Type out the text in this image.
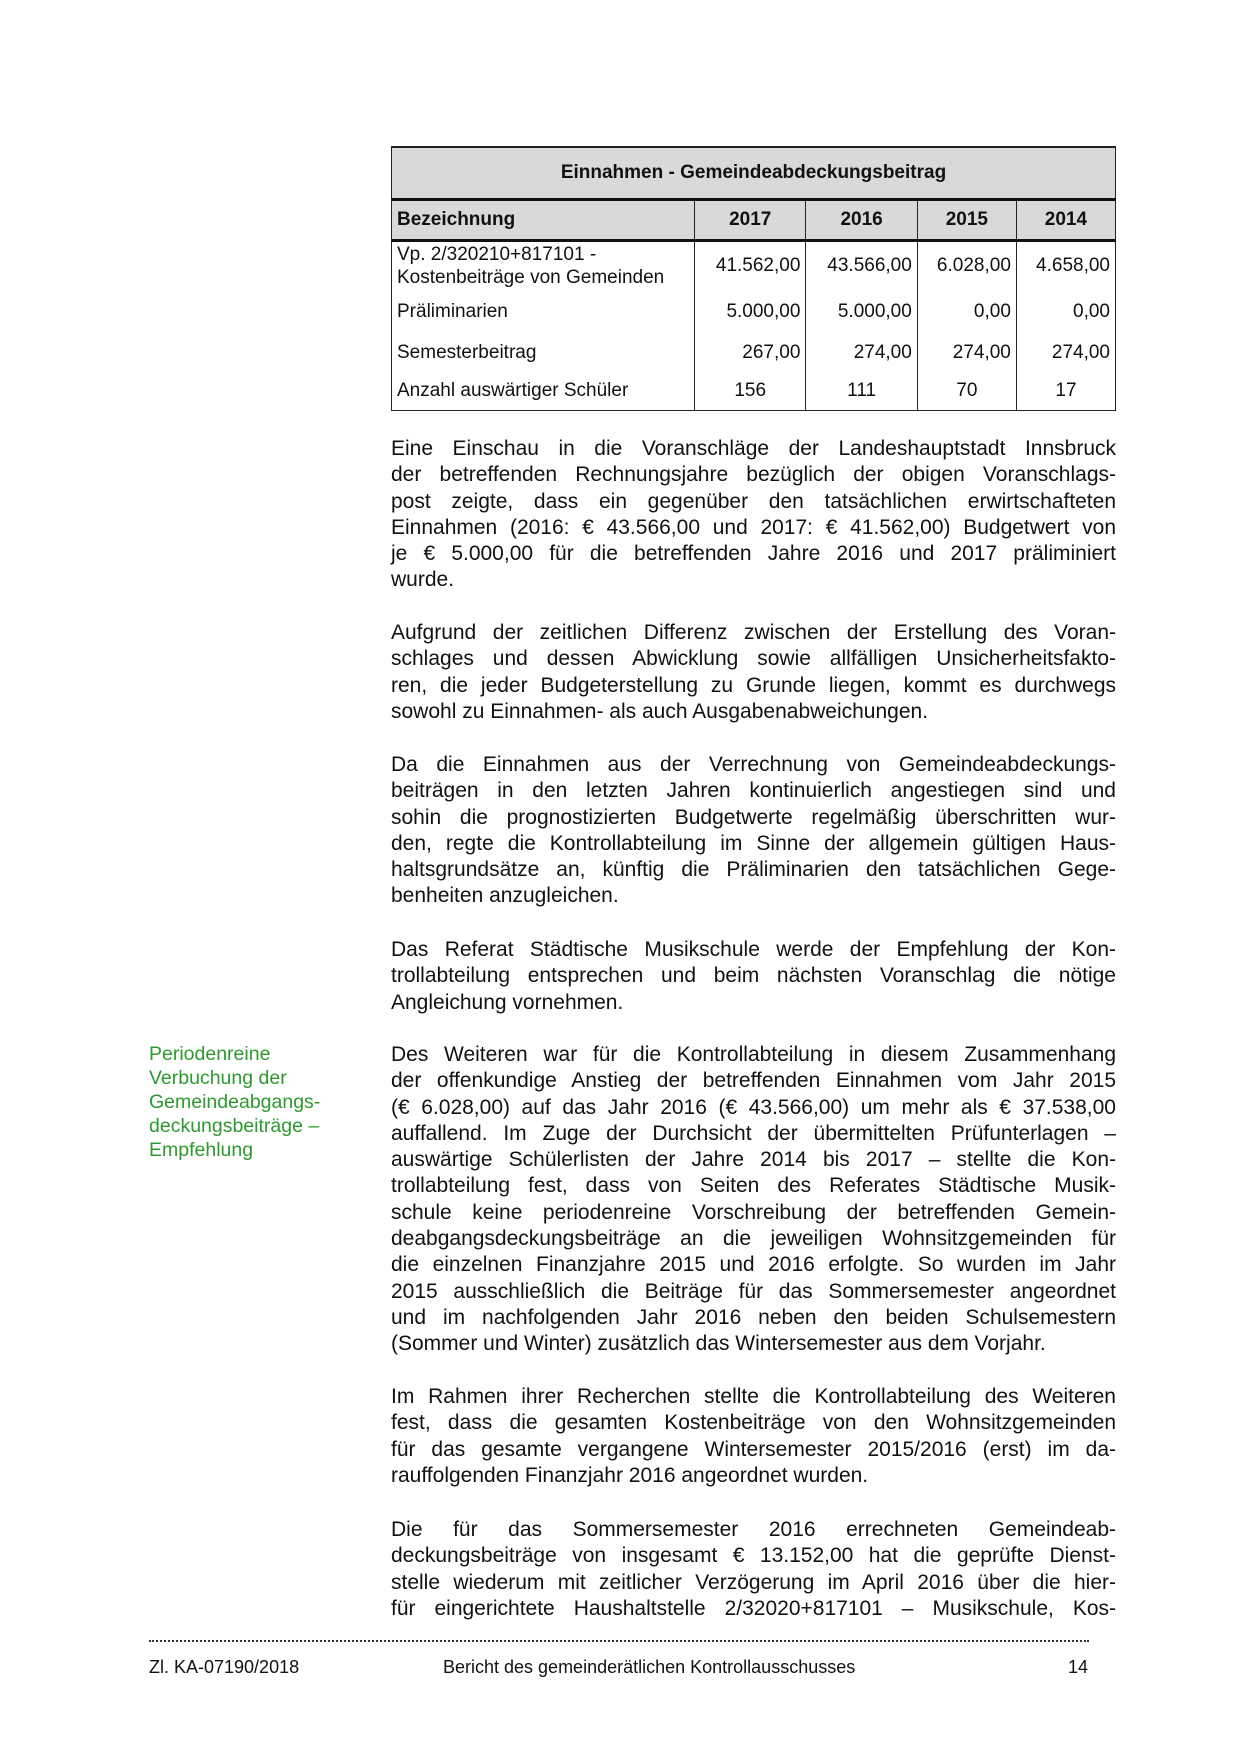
Einnahmen - Gemeindeabdeckungsbeitrag				
Bezeichnung	2017	2016	2015	2014
Vp. 2/320210+817101 -
Kostenbeiträge von Gemeinden	41.562,00	43.566,00	6.028,00	4.658,00
Präliminarien	5.000,00	5.000,00	0,00	0,00
Semesterbeitrag	267,00	274,00	274,00	274,00
Anzahl auswärtiger Schüler	156	111	70	17
Eine Einschau in die Voranschläge der Landeshauptstadt Innsbruck
der betreffenden Rechnungsjahre bezüglich der obigen Voranschlags-
post zeigte, dass ein gegenüber den tatsächlichen erwirtschafteten
Einnahmen (2016: € 43.566,00 und 2017: € 41.562,00) Budgetwert von
je € 5.000,00 für die betreffenden Jahre 2016 und 2017 präliminiert
wurde.
Aufgrund der zeitlichen Differenz zwischen der Erstellung des Voran-
schlages und dessen Abwicklung sowie allfälligen Unsicherheitsfakto-
ren, die jeder Budgeterstellung zu Grunde liegen, kommt es durchwegs
sowohl zu Einnahmen- als auch Ausgabenabweichungen.
Da die Einnahmen aus der Verrechnung von Gemeindeabdeckungs-
beiträgen in den letzten Jahren kontinuierlich angestiegen sind und
sohin die prognostizierten Budgetwerte regelmäßig überschritten wur-
den, regte die Kontrollabteilung im Sinne der allgemein gültigen Haus-
haltsgrundsätze an, künftig die Präliminarien den tatsächlichen Gege-
benheiten anzugleichen.
Das Referat Städtische Musikschule werde der Empfehlung der Kon-
trollabteilung entsprechen und beim nächsten Voranschlag die nötige
Angleichung vornehmen.
Des Weiteren war für die Kontrollabteilung in diesem Zusammenhang
der offenkundige Anstieg der betreffenden Einnahmen vom Jahr 2015
(€ 6.028,00) auf das Jahr 2016 (€ 43.566,00) um mehr als € 37.538,00
auffallend. Im Zuge der Durchsicht der übermittelten Prüfunterlagen –
auswärtige Schülerlisten der Jahre 2014 bis 2017 – stellte die Kon-
trollabteilung fest, dass von Seiten des Referates Städtische Musik-
schule keine periodenreine Vorschreibung der betreffenden Gemein-
deabgangsdeckungsbeiträge an die jeweiligen Wohnsitzgemeinden für
die einzelnen Finanzjahre 2015 und 2016 erfolgte. So wurden im Jahr
2015 ausschließlich die Beiträge für das Sommersemester angeordnet
und im nachfolgenden Jahr 2016 neben den beiden Schulsemestern
(Sommer und Winter) zusätzlich das Wintersemester aus dem Vorjahr.
Im Rahmen ihrer Recherchen stellte die Kontrollabteilung des Weiteren
fest, dass die gesamten Kostenbeiträge von den Wohnsitzgemeinden
für das gesamte vergangene Wintersemester 2015/2016 (erst) im da-
rauffolgenden Finanzjahr 2016 angeordnet wurden.
Die für das Sommersemester 2016 errechneten Gemeindeab-
deckungsbeiträge von insgesamt € 13.152,00 hat die geprüfte Dienst-
stelle wiederum mit zeitlicher Verzögerung im April 2016 über die hier-
für eingerichtete Haushaltstelle 2/32020+817101 – Musikschule, Kos-
Periodenreine
Verbuchung der
Gemeindeabgangs-
deckungsbeiträge –
Empfehlung
Zl. KA-07190/2018	Bericht des gemeinderätlichen Kontrollausschusses	14
